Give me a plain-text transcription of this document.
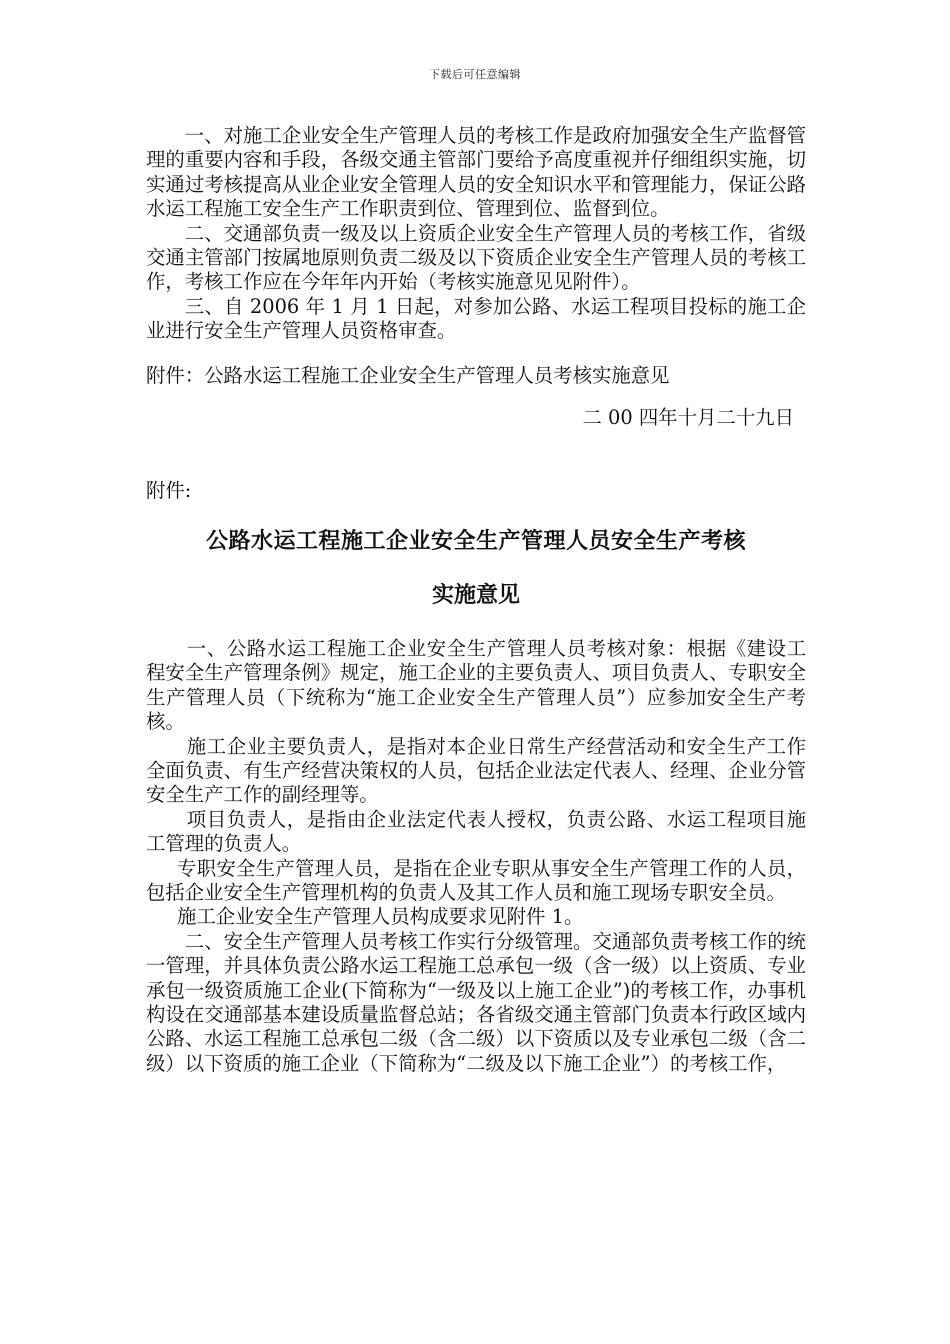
下载后可任意编辑

一、对施工企业安全生产管理人员的考核工作是政府加强安全生产监督管理的重要内容和手段，各级交通主管部门要给予高度重视并仔细组织实施，切实通过考核提高从业企业安全管理人员的安全知识水平和管理能力，保证公路水运工程施工安全生产工作职责到位、管理到位、监督到位。

二、交通部负责一级及以上资质企业安全生产管理人员的考核工作，省级交通主管部门按属地原则负责二级及以下资质企业安全生产管理人员的考核工作，考核工作应在今年年内开始（考核实施意见见附件）。

三、自 2006 年 1 月 1 日起，对参加公路、水运工程项目投标的施工企业进行安全生产管理人员资格审查。

附件：公路水运工程施工企业安全生产管理人员考核实施意见

二 00 四年十月二十九日

附件:

公路水运工程施工企业安全生产管理人员安全生产考核

实施意见

一、公路水运工程施工企业安全生产管理人员考核对象：根据《建设工程安全生产管理条例》规定，施工企业的主要负责人、项目负责人、专职安全生产管理人员（下统称为“施工企业安全生产管理人员”）应参加安全生产考核。

施工企业主要负责人，是指对本企业日常生产经营活动和安全生产工作全面负责、有生产经营决策权的人员，包括企业法定代表人、经理、企业分管安全生产工作的副经理等。

项目负责人，是指由企业法定代表人授权，负责公路、水运工程项目施工管理的负责人。

专职安全生产管理人员，是指在企业专职从事安全生产管理工作的人员，包括企业安全生产管理机构的负责人及其工作人员和施工现场专职安全员。

施工企业安全生产管理人员构成要求见附件 1。

二、安全生产管理人员考核工作实行分级管理。交通部负责考核工作的统一管理，并具体负责公路水运工程施工总承包一级（含一级）以上资质、专业承包一级资质施工企业(下简称为“一级及以上施工企业”)的考核工作，办事机构设在交通部基本建设质量监督总站；各省级交通主管部门负责本行政区域内公路、水运工程施工总承包二级（含二级）以下资质以及专业承包二级（含二级）以下资质的施工企业（下简称为“二级及以下施工企业”）的考核工作，
